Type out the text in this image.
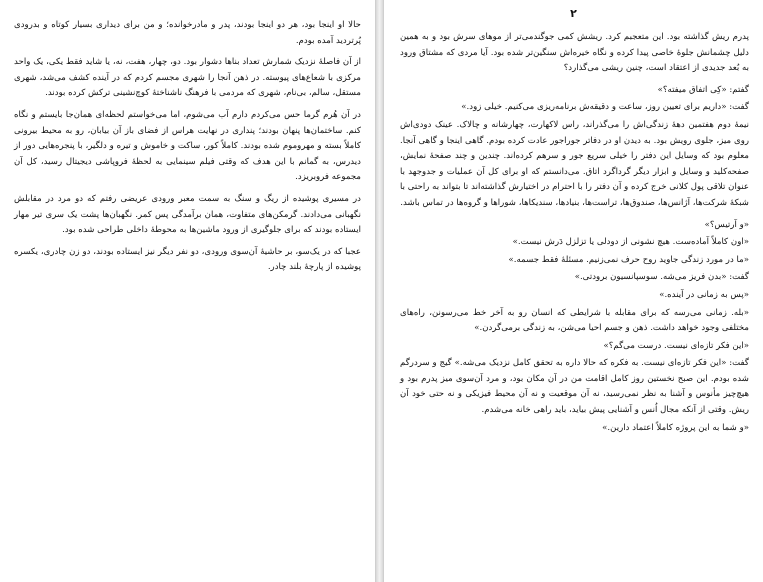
حالا او اینجا بود، هر دو اینجا بودند، پدر و مادرخوانده؛ و من برای دیداری بسیار کوتاه و بدرودی پُرتردید آمده بودم.

از آن فاصلهٔ نزدیک شمارش تعداد بناها دشوار بود. دو، چهار، هفت، نه، یا شاید فقط یکی، یک واحد مرکزی با شعاع‌های پیوسته. در ذهن آنجا را شهری مجسم کردم که در آینده کشف می‌شد، شهری مستقل، سالم، بی‌نام، شهری که مردمی با فرهنگ ناشناختهٔ کوچ‌نشینی ترکش کرده بودند.

در آن هُرم گرما حس می‌کردم دارم آب می‌شوم، اما می‌خواستم لحظه‌ای همان‌جا بایستم و نگاه کنم. ساختمان‌ها پنهان بودند؛ پنداری در نهایت هراس از فضای باز آن بیابان، رو به محیط بیرونی کاملاً بسته و مهروموم شده بودند. کاملاً کور، ساکت و خاموش و تیره و دلگیر، با پنجره‌هایی دور از دیدرس، به گمانم با این هدف که وقتی فیلم سینمایی به لحظهٔ فروپاشی دیجیتال رسید، کل آن مجموعه فروبریزد.

در مسیری پوشیده از ریگ و سنگ به سمت معبر ورودی عریضی رفتم که دو مرد در مقابلش نگهبانی می‌دادند. گرمکن‌های متفاوت، همان برآمدگی پس کمر. نگهبان‌ها پشت یک سری تیر مهار ایستاده بودند که برای جلوگیری از ورود ماشین‌ها به محوطهٔ داخلی طراحی شده بود.

عجبا که در یک‌سو، بر حاشیهٔ آن‌سوی ورودی، دو نفر دیگر نیز ایستاده بودند، دو زن چادری، یکسره پوشیده از پارچهٔ بلند چادر.

۲

پدرم ریش گذاشته بود. این متعجبم کرد. ریشش کمی جوگندمی‌تر از موهای سرش بود و به همین دلیل چشمانش جلوهٔ خاصی پیدا کرده و نگاه خیره‌اش سنگین‌تر شده بود. آیا مردی که مشتاق ورود به بُعد جدیدی از اعتقاد است، چنین ریشی می‌گذارد؟

گفتم: «کِی اتفاق میفته؟»

گفت: «داریم برای تعیین روز، ساعت و دقیقه‌ش برنامه‌ریزی می‌کنیم. خیلی زود.»

نیمهٔ دوم هفتمین دههٔ زندگی‌اش را می‌گذراند، راس لاکهارت، چهارشانه و چالاک. عینک دودی‌اش روی میز، جلوی رویش بود. به دیدن او در دفاتر جوراجور عادت کرده بودم. گاهی اینجا و گاهی آنجا. معلوم بود که وسایل این دفتر را خیلی سریع جور و سرهم کرده‌اند. چندین و چند صفحهٔ نمایش، صفحه‌کلید و وسایل و ابزار دیگر گرداگرد اتاق. می‌دانستم که او برای کل آن عملیات و جدوجهد با عنوان تلاقی پول کلانی خرج کرده و آن دفتر را با احترام در اختیارش گذاشته‌اند تا بتواند به راحتی با شبکهٔ شرکت‌ها، آژانس‌ها، صندوق‌ها، تراست‌ها، بنیادها، سندیکاها، شوراها و گروه‌ها در تماس باشد.

«و آرتیس؟»

«اون کاملاً آماده‌ست. هیچ نشونی از دودلی یا تزلزل دَرش نیست.»

«ما در مورد زندگی جاوید روح حرف نمی‌زنیم. مسئلهٔ فقط جسمه.»

گفت: «بدن فریز می‌شه. سوسپانسیون برودتی.»

«پس به زمانی در آینده.»

«بله. زمانی می‌رسه که برای مقابله با شرایطی که انسان رو به آخر خط می‌رسونن، راه‌های مختلفی وجود خواهد داشت. ذهن و جسم احیا می‌شن، به زندگی برمی‌گردن.»

«این فکر تازه‌ای نیست. درست می‌گم؟»

گفت: «این فکر تازه‌ای نیست. به فکره که حالا داره به تحقق کامل نزدیک می‌شه.» گیج و سردرگم شده بودم. این صبح نخستین روز کامل اقامت من در آن مکان بود، و مرد آن‌سوی میز پدرم بود و هیچ‌چیز مأنوس و آشنا به نظر نمی‌رسید، نه آن موقعیت و نه آن محیط فیزیکی و نه حتی خود آن ریش. وقتی از آنکه مجال اُنس و آشنایی پیش بیاید، باید راهی خانه می‌شدم.

«و شما به این پروژه کاملاً اعتماد دارین.»
